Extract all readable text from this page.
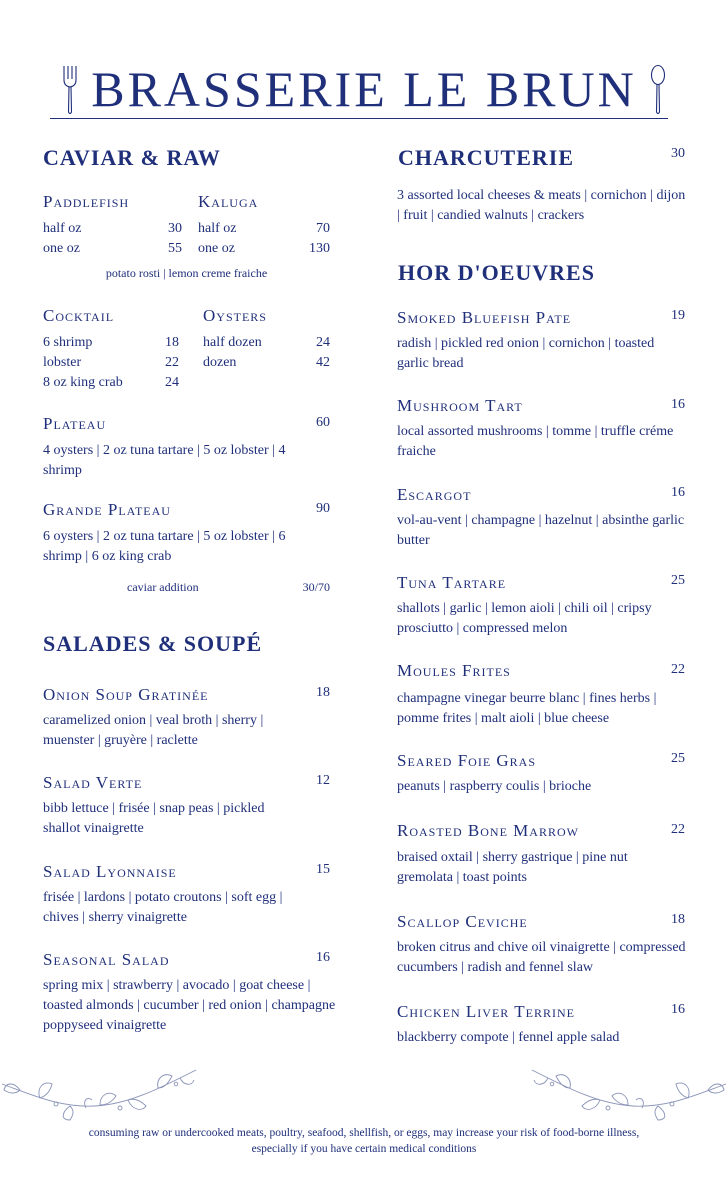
BRASSERIE LE BRUN
CAVIAR & RAW
Paddlefish
half oz	30
one oz	55
Kaluga
half oz	70
one oz	130
potato rosti | lemon creme fraiche
Cocktail
6 shrimp	18
lobster	22
8 oz king crab	24
Oysters
half dozen	24
dozen	42
Plateau	60
4 oysters | 2 oz tuna tartare | 5 oz lobster | 4 shrimp
Grande Plateau	90
6 oysters | 2 oz tuna tartare | 5 oz lobster | 6 shrimp | 6 oz king crab
caviar addition	30/70
SALADES & SOUPÉ
Onion Soup Gratinée	18
caramelized onion | veal broth | sherry | muenster | gruyère | raclette
Salad Verte	12
bibb lettuce | frisée | snap peas | pickled shallot vinaigrette
Salad Lyonnaise	15
frisée | lardons | potato croutons | soft egg | chives | sherry vinaigrette
Seasonal Salad	16
spring mix | strawberry | avocado | goat cheese | toasted almonds | cucumber | red onion | champagne poppyseed vinaigrette
CHARCUTERIE	30
3 assorted local cheeses & meats | cornichon | dijon | fruit | candied walnuts | crackers
HOR D'OEUVRES
Smoked Bluefish Pate	19
radish | pickled red onion | cornichon | toasted garlic bread
Mushroom Tart	16
local assorted mushrooms | tomme | truffle créme fraiche
Escargot	16
vol-au-vent | champagne | hazelnut | absinthe garlic butter
Tuna Tartare	25
shallots | garlic | lemon aioli | chili oil | cripsy prosciutto | compressed melon
Moules Frites	22
champagne vinegar beurre blanc | fines herbs | pomme frites | malt aioli | blue cheese
Seared Foie Gras	25
peanuts | raspberry coulis | brioche
Roasted Bone Marrow	22
braised oxtail | sherry gastrique | pine nut gremolata | toast points
Scallop Ceviche	18
broken citrus and chive oil vinaigrette | compressed cucumbers | radish and fennel slaw
Chicken Liver Terrine	16
blackberry compote | fennel apple salad
consuming raw or undercooked meats, poultry, seafood, shellfish, or eggs, may increase your risk of food-borne illness, especially if you have certain medical conditions
